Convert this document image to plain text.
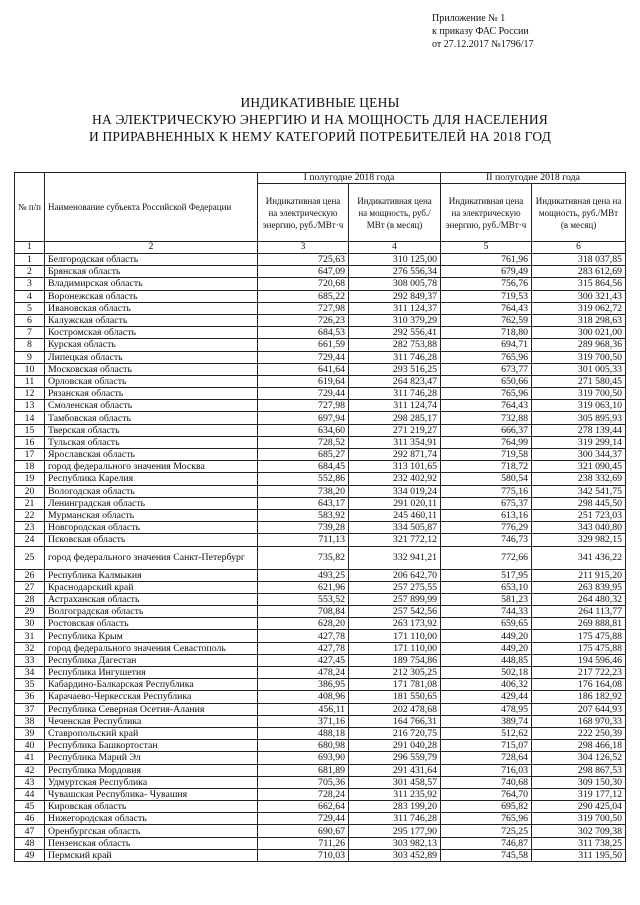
Приложение № 1
к приказу ФАС России
от 27.12.2017 №1796/17
ИНДИКАТИВНЫЕ ЦЕНЫ
НА ЭЛЕКТРИЧЕСКУЮ ЭНЕРГИЮ И НА МОЩНОСТЬ ДЛЯ НАСЕЛЕНИЯ
И ПРИРАВНЕННЫХ К НЕМУ КАТЕГОРИЙ ПОТРЕБИТЕЛЕЙ НА 2018 ГОД
№ п/п	Наименование субъекта Российской Федерации	I полугодие 2018 года		II полугодие 2018 года	
		Индикативная цена на электрическую энергию, руб./МВт·ч	Индикативная цена на мощность, руб./МВт (в месяц)	Индикативная цена на электрическую энергию, руб./МВт·ч	Индикативная цена на мощность, руб./МВт (в месяц)
1	2	3	4	5	6
1	Белгородская область	725,63	310 125,00	761,96	318 037,85
2	Брянская область	647,09	276 556,34	679,49	283 612,69
3	Владимирская область	720,68	308 005,78	756,76	315 864,56
4	Воронежская область	685,22	292 849,37	719,53	300 321,43
5	Ивановская область	727,98	311 124,37	764,43	319 062,72
6	Калужская область	726,23	310 379,29	762,59	318 298,63
7	Костромская область	684,53	292 556,41	718,80	300 021,00
8	Курская область	661,59	282 753,88	694,71	289 968,36
9	Липецкая область	729,44	311 746,28	765,96	319 700,50
10	Московская область	641,64	293 516,25	673,77	301 005,33
11	Орловская область	619,64	264 823,47	650,66	271 580,45
12	Рязанская область	729,44	311 746,28	765,96	319 700,50
13	Смоленская область	727,98	311 124,74	764,43	319 063,10
14	Тамбовская область	697,94	298 285,17	732,88	305 895,93
15	Тверская область	634,60	271 219,27	666,37	278 139,44
16	Тульская область	728,52	311 354,91	764,99	319 299,14
17	Ярославская область	685,27	292 871,74	719,58	300 344,37
18	город федерального значения Москва	684,45	313 101,65	718,72	321 090,45
19	Республика Карелия	552,86	232 402,92	580,54	238 332,69
20	Вологодская область	738,20	334 019,24	775,16	342 541,75
21	Ленинградская область	643,17	291 020,11	675,37	298 445,50
22	Мурманская область	583,92	245 460,11	613,16	251 723,03
23	Новгородская область	739,28	334 505,87	776,29	343 040,80
24	Псковская область	711,13	321 772,12	746,73	329 982,15
25	город федерального значения Санкт-Петербург	735,82	332 941,21	772,66	341 436,22
26	Республика Калмыкия	493,25	206 642,70	517,95	211 915,20
27	Краснодарский край	621,96	257 275,55	653,10	263 839,95
28	Астраханская область	553,52	257 899,99	581,23	264 480,32
29	Волгоградская область	708,84	257 542,56	744,33	264 113,77
30	Ростовская область	628,20	263 173,92	659,65	269 888,81
31	Республика Крым	427,78	171 110,00	449,20	175 475,88
32	город федерального значения Севастополь	427,78	171 110,00	449,20	175 475,88
33	Республика Дагестан	427,45	189 754,86	448,85	194 596,46
34	Республика Ингушетия	478,24	212 305,25	502,18	217 722,23
35	Кабардино-Балкарская Республика	386,95	171 781,08	406,32	176 164,08
36	Карачаево-Черкесская Республика	408,96	181 550,65	429,44	186 182,92
37	Республика Северная Осетия-Алания	456,11	202 478,68	478,95	207 644,93
38	Чеченская Республика	371,16	164 766,31	389,74	168 970,33
39	Ставропольский край	488,18	216 720,75	512,62	222 250,39
40	Республика Башкортостан	680,98	291 040,28	715,07	298 466,18
41	Республика Марий Эл	693,90	296 559,79	728,64	304 126,52
42	Республика Мордовия	681,89	291 431,64	716,03	298 867,53
43	Удмуртская Республика	705,36	301 458,57	740,68	309 150,30
44	Чувашская Республика- Чувашия	728,24	311 235,92	764,70	319 177,12
45	Кировская область	662,64	283 199,20	695,82	290 425,04
46	Нижегородская область	729,44	311 746,28	765,96	319 700,50
47	Оренбургская область	690,67	295 177,90	725,25	302 709,38
48	Пензенская область	711,26	303 982,13	746,87	311 738,25
49	Пермский край	710,03	303 452,89	745,58	311 195,50
